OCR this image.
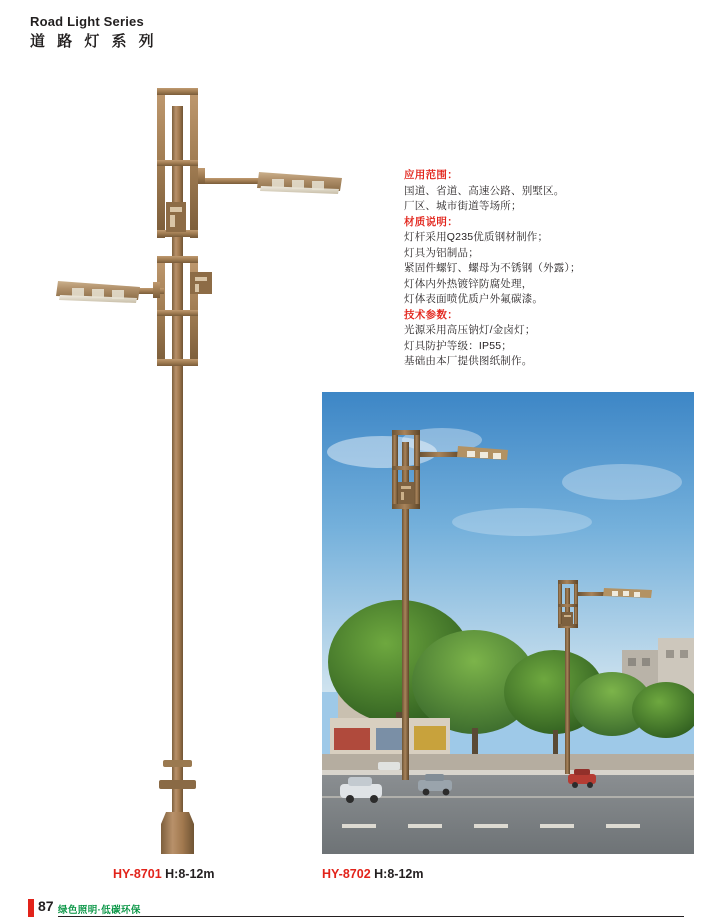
Road Light Series
道 路 灯 系 列
应用范围：
国道、省道、高速公路、别墅区。
厂区、城市街道等场所；
材质说明：
灯杆采用Q235优质钢材制作；
灯具为铝制品；
紧固件螺钉、螺母为不锈钢（外露）；
灯体内外热镀锌防腐处理，
灯体表面喷优质户外氟碳漆。
技术参数：
光源采用高压钠灯/金卤灯；
灯具防护等级：IP55；
基础由本厂提供图纸制作。
HY-8701 H:8-12m	HY-8702 H:8-12m
87 绿色照明·低碳环保
